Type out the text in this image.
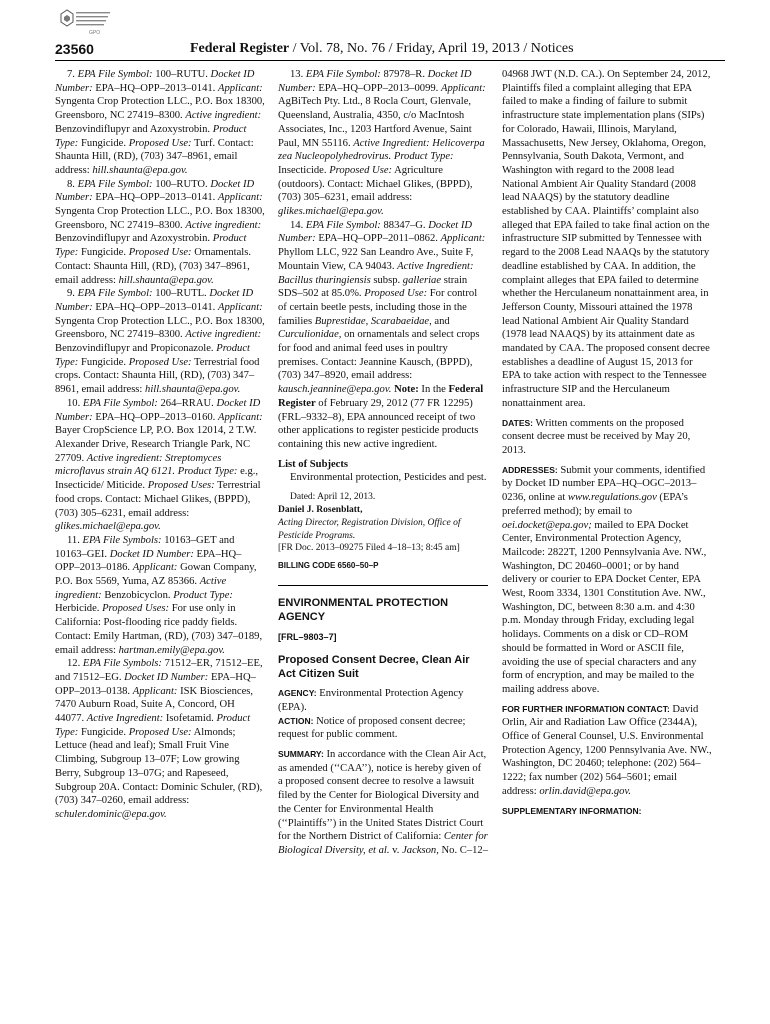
GPO
23560	Federal Register / Vol. 78, No. 76 / Friday, April 19, 2013 / Notices

7. EPA File Symbol: 100–RUTU. Docket ID Number: EPA–HQ–OPP–2013–0141. Applicant: Syngenta Crop Protection LLC., P.O. Box 18300, Greensboro, NC 27419–8300. Active ingredient: Benzovindiflupyr and Azoxystrobin. Product Type: Fungicide. Proposed Use: Turf. Contact: Shaunta Hill, (RD), (703) 347–8961, email address: hill.shaunta@epa.gov.

8. EPA File Symbol: 100–RUTO. Docket ID Number: EPA–HQ–OPP–2013–0141. Applicant: Syngenta Crop Protection LLC., P.O. Box 18300, Greensboro, NC 27419–8300. Active ingredient: Benzovindiflupyr and Azoxystrobin. Product Type: Fungicide. Proposed Use: Ornamentals. Contact: Shaunta Hill, (RD), (703) 347–8961, email address: hill.shaunta@epa.gov.

9. EPA File Symbol: 100–RUTL. Docket ID Number: EPA–HQ–OPP–2013–0141. Applicant: Syngenta Crop Protection LLC., P.O. Box 18300, Greensboro, NC 27419–8300. Active ingredient: Benzovindiflupyr and Propiconazole. Product Type: Fungicide. Proposed Use: Terrestrial food crops. Contact: Shaunta Hill, (RD), (703) 347–8961, email address: hill.shaunta@epa.gov.

10. EPA File Symbol: 264–RRAU. Docket ID Number: EPA–HQ–OPP–2013–0160. Applicant: Bayer CropScience LP, P.O. Box 12014, 2 T.W. Alexander Drive, Research Triangle Park, NC 27709. Active ingredient: Streptomyces microflavus strain AQ 6121. Product Type: e.g., Insecticide/ Miticide. Proposed Uses: Terrestrial food crops. Contact: Michael Glikes, (BPPD), (703) 305–6231, email address: glikes.michael@epa.gov.

11. EPA File Symbols: 10163–GET and 10163–GEI. Docket ID Number: EPA–HQ–OPP–2013–0186. Applicant: Gowan Company, P.O. Box 5569, Yuma, AZ 85366. Active ingredient: Benzobicyclon. Product Type: Herbicide. Proposed Uses: For use only in California: Post-flooding rice paddy fields. Contact: Emily Hartman, (RD), (703) 347–0189, email address: hartman.emily@epa.gov.

12. EPA File Symbols: 71512–ER, 71512–EE, and 71512–EG. Docket ID Number: EPA–HQ–OPP–2013–0138. Applicant: ISK Biosciences, 7470 Auburn Road, Suite A, Concord, OH 44077. Active Ingredient: Isofetamid. Product Type: Fungicide. Proposed Use: Almonds; Lettuce (head and leaf); Small Fruit Vine Climbing, Subgroup 13–07F; Low growing Berry, Subgroup 13–07G; and Rapeseed, Subgroup 20A. Contact: Dominic Schuler, (RD), (703) 347–0260, email address: schuler.dominic@epa.gov.

13. EPA File Symbol: 87978–R. Docket ID Number: EPA–HQ–OPP–2013–0099. Applicant: AgBiTech Pty. Ltd., 8 Rocla Court, Glenvale, Queensland, Australia, 4350, c/o MacIntosh Associates, Inc., 1203 Hartford Avenue, Saint Paul, MN 55116. Active Ingredient: Helicoverpa zea Nucleopolyhedrovirus. Product Type: Insecticide. Proposed Use: Agriculture (outdoors). Contact: Michael Glikes, (BPPD), (703) 305–6231, email address: glikes.michael@epa.gov.

14. EPA File Symbol: 88347–G. Docket ID Number: EPA–HQ–OPP–2011–0862. Applicant: Phyllom LLC, 922 San Leandro Ave., Suite F, Mountain View, CA 94043. Active Ingredient: Bacillus thuringiensis subsp. galleriae strain SDS–502 at 85.0%. Proposed Use: For control of certain beetle pests, including those in the families Buprestidae, Scarabaeidae, and Curculionidae, on ornamentals and select crops for food and animal feed uses in poultry premises. Contact: Jeannine Kausch, (BPPD), (703) 347–8920, email address: kausch.jeannine@epa.gov. Note: In the Federal Register of February 29, 2012 (77 FR 12295)(FRL–9332–8), EPA announced receipt of two other applications to register pesticide products containing this new active ingredient.

List of Subjects

Environmental protection, Pesticides and pest.

Dated: April 12, 2013.

Daniel J. Rosenblatt,

Acting Director, Registration Division, Office of Pesticide Programs.

[FR Doc. 2013–09275 Filed 4–18–13; 8:45 am]

BILLING CODE 6560–50–P

ENVIRONMENTAL PROTECTION AGENCY

[FRL–9803–7]

Proposed Consent Decree, Clean Air Act Citizen Suit

AGENCY: Environmental Protection Agency (EPA).

ACTION: Notice of proposed consent decree; request for public comment.

SUMMARY: In accordance with the Clean Air Act, as amended (‘‘CAA’’), notice is hereby given of a proposed consent decree to resolve a lawsuit filed by the Center for Biological Diversity and the Center for Environmental Health (‘‘Plaintiffs’’) in the United States District Court for the Northern District of California: Center for Biological Diversity, et al. v. Jackson, No. C–12–

04968 JWT (N.D. CA.). On September 24, 2012, Plaintiffs filed a complaint alleging that EPA failed to make a finding of failure to submit infrastructure state implementation plans (SIPs) for Colorado, Hawaii, Illinois, Maryland, Massachusetts, New Jersey, Oklahoma, Oregon, Pennsylvania, South Dakota, Vermont, and Washington with regard to the 2008 lead National Ambient Air Quality Standard (2008 lead NAAQS) by the statutory deadline established by CAA. Plaintiffs’ complaint also alleged that EPA failed to take final action on the infrastructure SIP submitted by Tennessee with regard to the 2008 Lead NAAQs by the statutory deadline established by CAA. In addition, the complaint alleges that EPA failed to determine whether the Herculaneum nonattainment area, in Jefferson County, Missouri attained the 1978 lead National Ambient Air Quality Standard (1978 lead NAAQS) by its attainment date as mandated by CAA. The proposed consent decree establishes a deadline of August 15, 2013 for EPA to take action with respect to the Tennessee infrastructure SIP and the Herculaneum nonattainment area.

DATES: Written comments on the proposed consent decree must be received by May 20, 2013.

ADDRESSES: Submit your comments, identified by Docket ID number EPA–HQ–OGC–2013–0236, online at www.regulations.gov (EPA’s preferred method); by email to oei.docket@epa.gov; mailed to EPA Docket Center, Environmental Protection Agency, Mailcode: 2822T, 1200 Pennsylvania Ave. NW., Washington, DC 20460–0001; or by hand delivery or courier to EPA Docket Center, EPA West, Room 3334, 1301 Constitution Ave. NW., Washington, DC, between 8:30 a.m. and 4:30 p.m. Monday through Friday, excluding legal holidays. Comments on a disk or CD–ROM should be formatted in Word or ASCII file, avoiding the use of special characters and any form of encryption, and may be mailed to the mailing address above.

FOR FURTHER INFORMATION CONTACT: David Orlin, Air and Radiation Law Office (2344A), Office of General Counsel, U.S. Environmental Protection Agency, 1200 Pennsylvania Ave. NW., Washington, DC 20460; telephone: (202) 564–1222; fax number (202) 564–5601; email address: orlin.david@epa.gov.

SUPPLEMENTARY INFORMATION:
